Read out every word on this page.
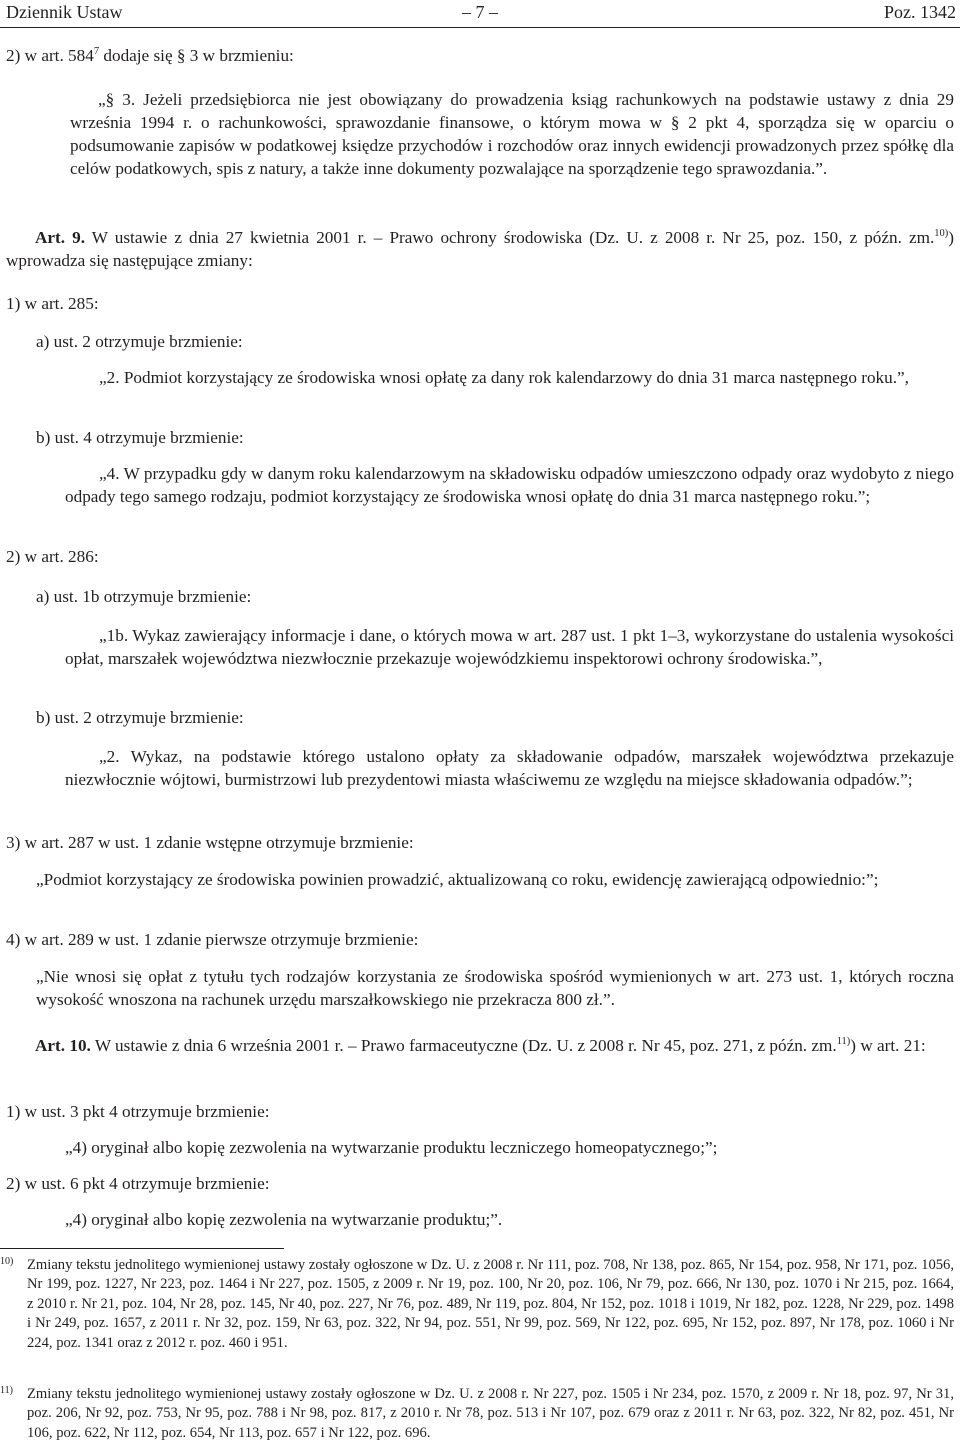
Dziennik Ustaw	– 7 –	Poz. 1342
2) w art. $584^7$ dodaje się § 3 w brzmieniu:
„§ 3. Jeżeli przedsiębiorca nie jest obowiązany do prowadzenia ksiąg rachunkowych na podstawie ustawy z dnia 29 września 1994 r. o rachunkowości, sprawozdanie finansowe, o którym mowa w § 2 pkt 4, sporządza się w oparciu o podsumowanie zapisów w podatkowej księdze przychodów i rozchodów oraz innych ewidencji prowadzonych przez spółkę dla celów podatkowych, spis z natury, a także inne dokumenty pozwalające na sporządzenie tego sprawozdania.”.
Art. 9. W ustawie z dnia 27 kwietnia 2001 r. – Prawo ochrony środowiska (Dz. U. z 2008 r. Nr 25, poz. 150, z późn. zm.$^{10)}$) wprowadza się następujące zmiany:
1) w art. 285:
a) ust. 2 otrzymuje brzmienie:
„2. Podmiot korzystający ze środowiska wnosi opłatę za dany rok kalendarzowy do dnia 31 marca następnego roku.”,
b) ust. 4 otrzymuje brzmienie:
„4. W przypadku gdy w danym roku kalendarzowym na składowisku odpadów umieszczono odpady oraz wydobyto z niego odpady tego samego rodzaju, podmiot korzystający ze środowiska wnosi opłatę do dnia 31 marca następnego roku.”;
2) w art. 286:
a) ust. 1b otrzymuje brzmienie:
„1b. Wykaz zawierający informacje i dane, o których mowa w art. 287 ust. 1 pkt 1–3, wykorzystane do ustalenia wysokości opłat, marszałek województwa niezwłocznie przekazuje wojewódzkiemu inspektorowi ochrony środowiska.”,
b) ust. 2 otrzymuje brzmienie:
„2. Wykaz, na podstawie którego ustalono opłaty za składowanie odpadów, marszałek województwa przekazuje niezwłocznie wójtowi, burmistrzowi lub prezydentowi miasta właściwemu ze względu na miejsce składowania odpadów.”;
3) w art. 287 w ust. 1 zdanie wstępne otrzymuje brzmienie:
„Podmiot korzystający ze środowiska powinien prowadzić, aktualizowaną co roku, ewidencję zawierającą odpowiednio:”;
4) w art. 289 w ust. 1 zdanie pierwsze otrzymuje brzmienie:
„Nie wnosi się opłat z tytułu tych rodzajów korzystania ze środowiska spośród wymienionych w art. 273 ust. 1, których roczna wysokość wnoszona na rachunek urzędu marszałkowskiego nie przekracza 800 zł.”.
Art. 10. W ustawie z dnia 6 września 2001 r. – Prawo farmaceutyczne (Dz. U. z 2008 r. Nr 45, poz. 271, z późn. zm.$^{11)}$) w art. 21:
1) w ust. 3 pkt 4 otrzymuje brzmienie:
„4) oryginał albo kopię zezwolenia na wytwarzanie produktu leczniczego homeopatycznego;”;
2) w ust. 6 pkt 4 otrzymuje brzmienie:
„4) oryginał albo kopię zezwolenia na wytwarzanie produktu;”.
10) Zmiany tekstu jednolitego wymienionej ustawy zostały ogłoszone w Dz. U. z 2008 r. Nr 111, poz. 708, Nr 138, poz. 865, Nr 154, poz. 958, Nr 171, poz. 1056, Nr 199, poz. 1227, Nr 223, poz. 1464 i Nr 227, poz. 1505, z 2009 r. Nr 19, poz. 100, Nr 20, poz. 106, Nr 79, poz. 666, Nr 130, poz. 1070 i Nr 215, poz. 1664, z 2010 r. Nr 21, poz. 104, Nr 28, poz. 145, Nr 40, poz. 227, Nr 76, poz. 489, Nr 119, poz. 804, Nr 152, poz. 1018 i 1019, Nr 182, poz. 1228, Nr 229, poz. 1498 i Nr 249, poz. 1657, z 2011 r. Nr 32, poz. 159, Nr 63, poz. 322, Nr 94, poz. 551, Nr 99, poz. 569, Nr 122, poz. 695, Nr 152, poz. 897, Nr 178, poz. 1060 i Nr 224, poz. 1341 oraz z 2012 r. poz. 460 i 951.
11) Zmiany tekstu jednolitego wymienionej ustawy zostały ogłoszone w Dz. U. z 2008 r. Nr 227, poz. 1505 i Nr 234, poz. 1570, z 2009 r. Nr 18, poz. 97, Nr 31, poz. 206, Nr 92, poz. 753, Nr 95, poz. 788 i Nr 98, poz. 817, z 2010 r. Nr 78, poz. 513 i Nr 107, poz. 679 oraz z 2011 r. Nr 63, poz. 322, Nr 82, poz. 451, Nr 106, poz. 622, Nr 112, poz. 654, Nr 113, poz. 657 i Nr 122, poz. 696.
